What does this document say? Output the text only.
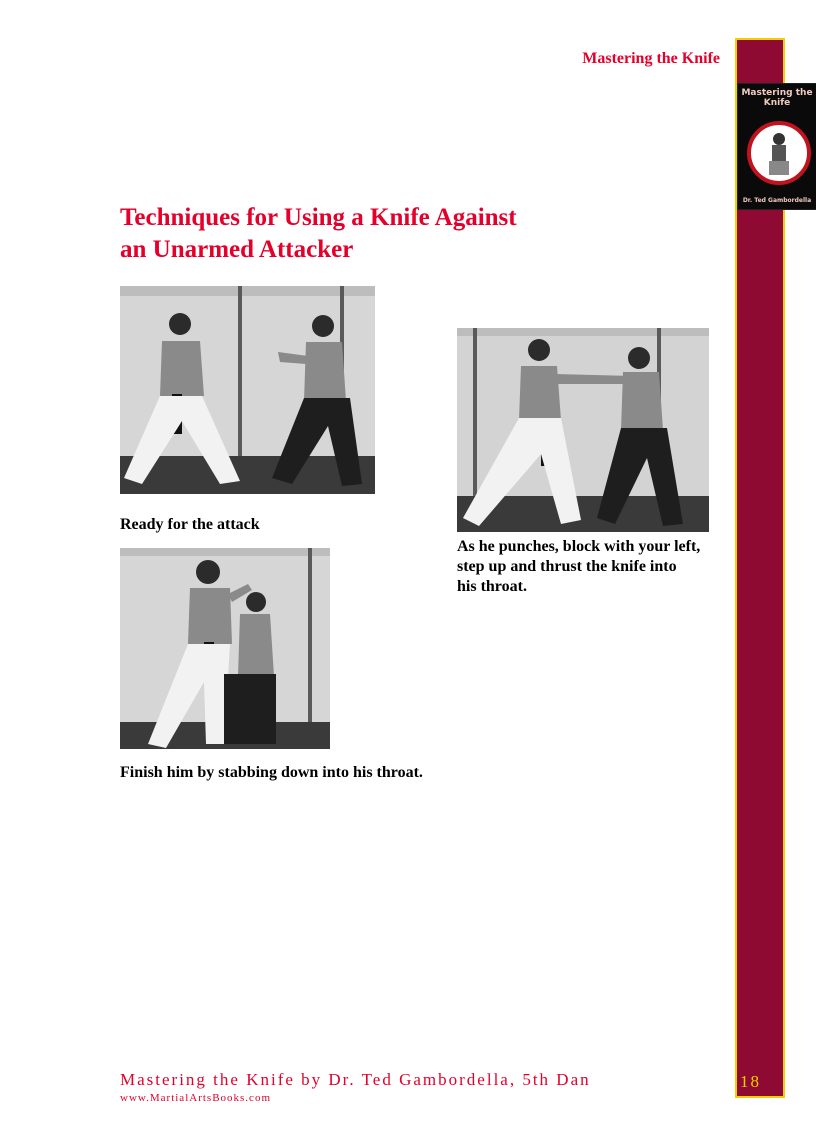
18
Mastering the Knife
Mastering the Knife
Dr. Ted Gambordella
Techniques for Using a Knife Against
an Unarmed Attacker
Ready for the attack
As he punches, block with your left,
step up and thrust the knife into
his throat.
Finish him by stabbing down into his throat.
Mastering the Knife by Dr. Ted Gambordella, 5th Dan
www.MartialArtsBooks.com
